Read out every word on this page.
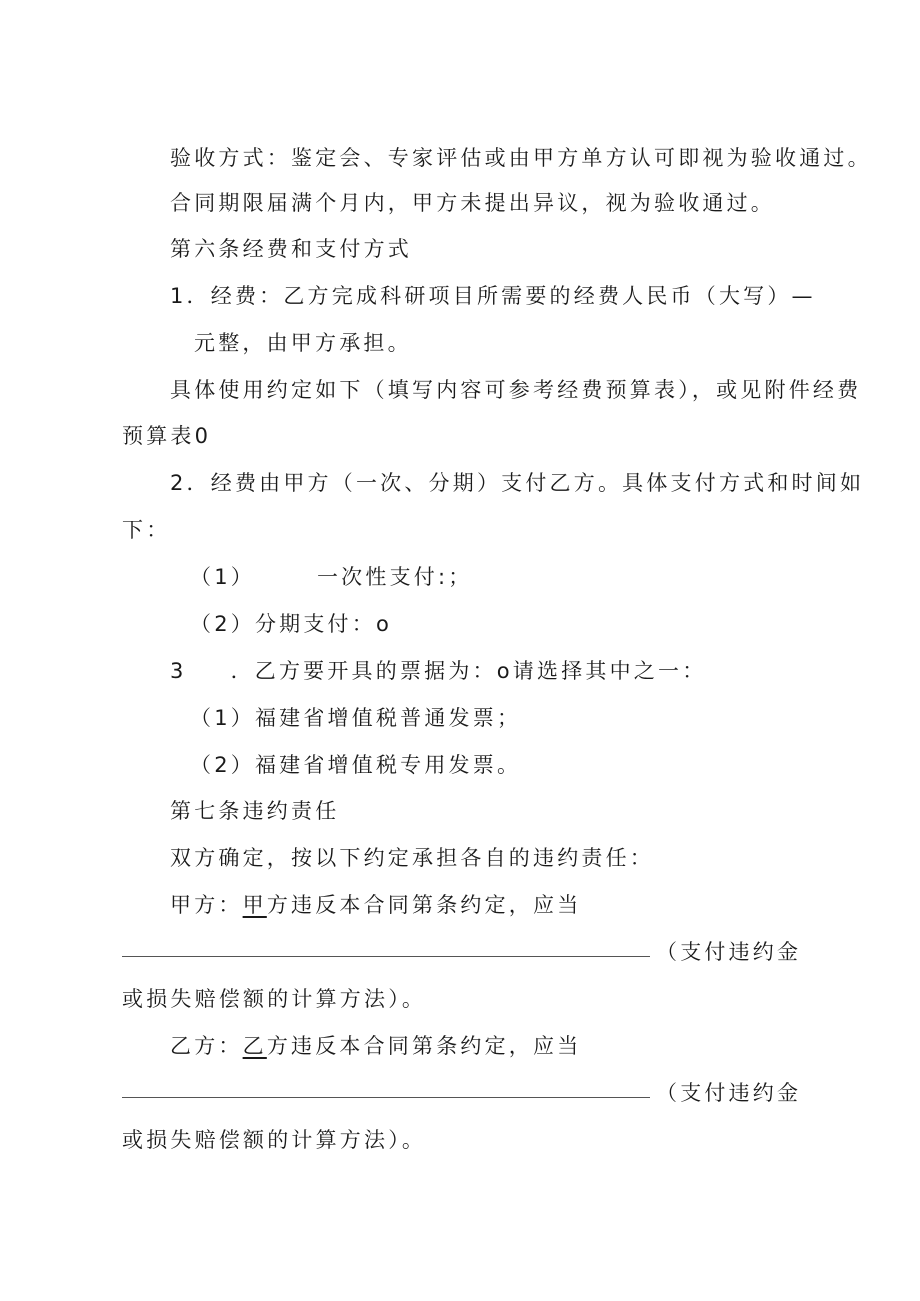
验收方式：鉴定会、专家评估或由甲方单方认可即视为验收通过。
合同期限届满个月内，甲方未提出异议，视为验收通过。
第六条经费和支付方式
1．经费：乙方完成科研项目所需要的经费人民币（大写）—
元整，由甲方承担。
具体使用约定如下（填写内容可参考经费预算表），或见附件经费
预算表0
2．经费由甲方（一次、分期）支付乙方。具体支付方式和时间如
下：
（1）	一次性支付:；
（2）分期支付：o
3 ．乙方要开具的票据为：o请选择其中之一：
（1）福建省增值税普通发票；
（2）福建省增值税专用发票。
第七条违约责任
双方确定，按以下约定承担各自的违约责任：
甲方：甲方违反本合同第条约定，应当
（支付违约金
或损失赔偿额的计算方法）。
乙方：乙方违反本合同第条约定，应当
（支付违约金
或损失赔偿额的计算方法）。
